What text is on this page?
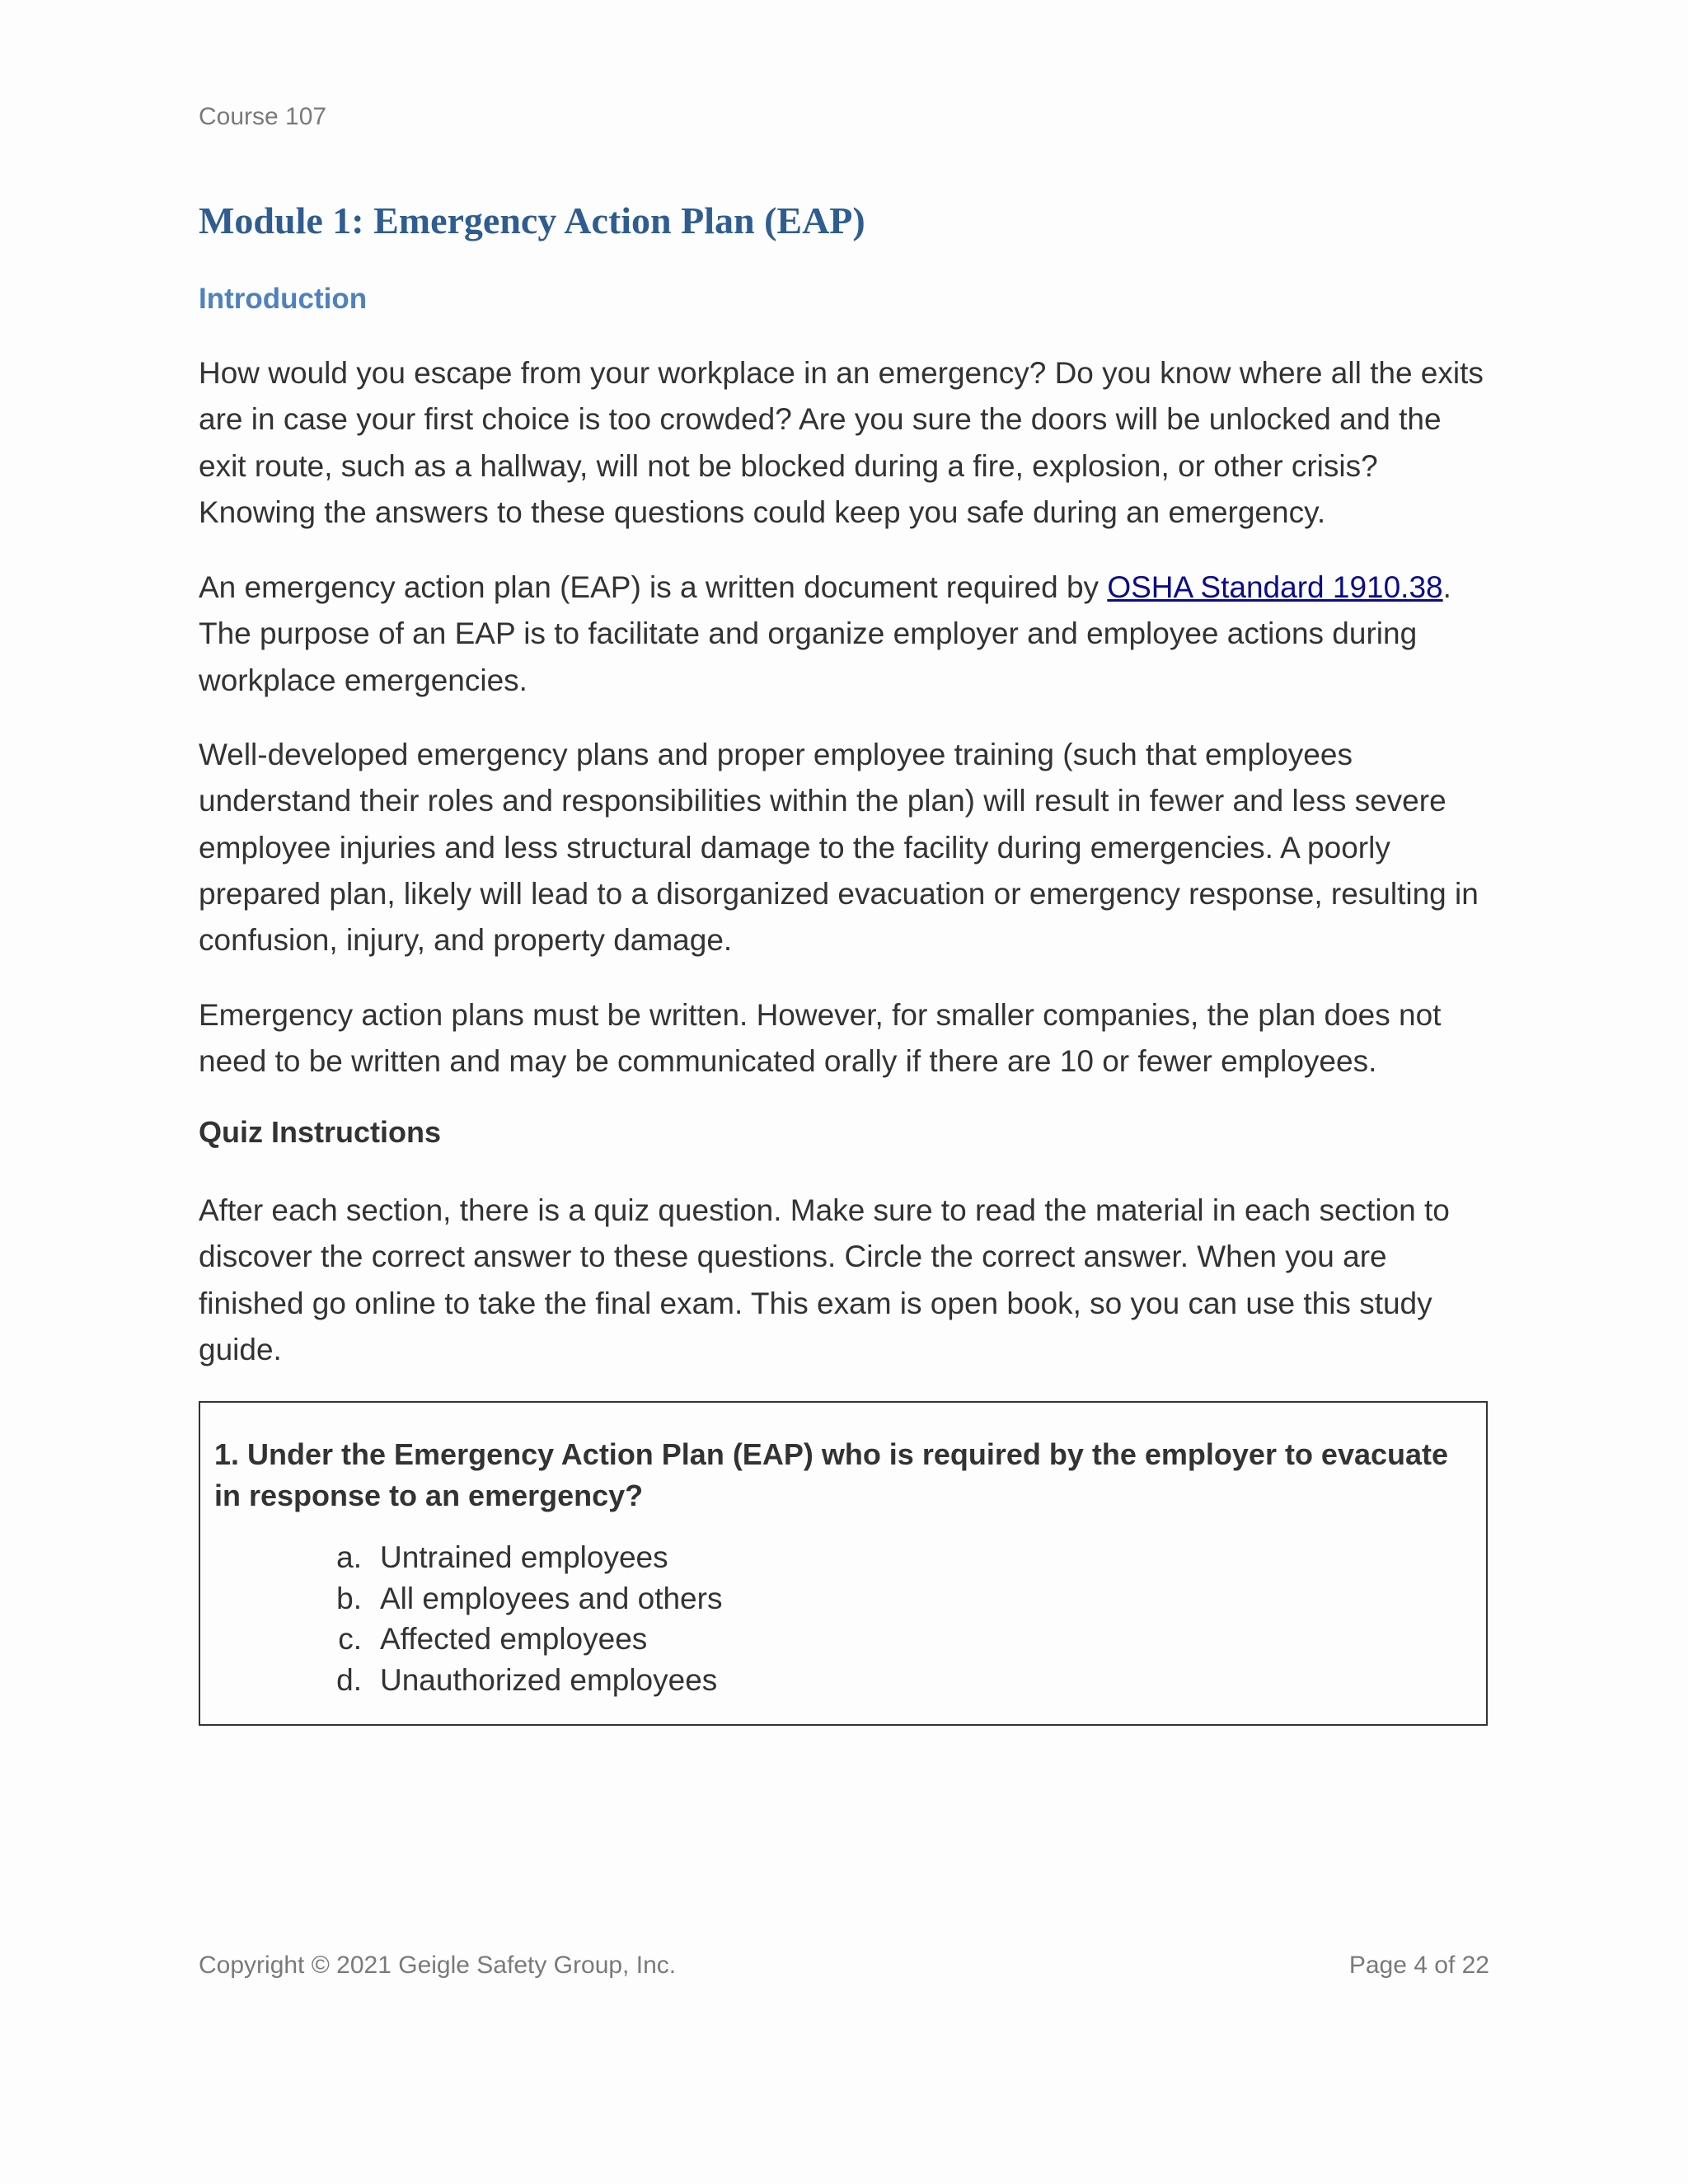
Course 107
Module 1: Emergency Action Plan (EAP)
Introduction

How would you escape from your workplace in an emergency? Do you know where all the exits are in case your first choice is too crowded? Are you sure the doors will be unlocked and the exit route, such as a hallway, will not be blocked during a fire, explosion, or other crisis? Knowing the answers to these questions could keep you safe during an emergency.

An emergency action plan (EAP) is a written document required by OSHA Standard 1910.38. The purpose of an EAP is to facilitate and organize employer and employee actions during workplace emergencies.

Well-developed emergency plans and proper employee training (such that employees understand their roles and responsibilities within the plan) will result in fewer and less severe employee injuries and less structural damage to the facility during emergencies. A poorly prepared plan, likely will lead to a disorganized evacuation or emergency response, resulting in confusion, injury, and property damage.

Emergency action plans must be written. However, for smaller companies, the plan does not need to be written and may be communicated orally if there are 10 or fewer employees.

Quiz Instructions

After each section, there is a quiz question. Make sure to read the material in each section to discover the correct answer to these questions. Circle the correct answer. When you are finished go online to take the final exam. This exam is open book, so you can use this study guide.

1. Under the Emergency Action Plan (EAP) who is required by the employer to evacuate in response to an emergency?

a. Untrained employees
b. All employees and others
c. Affected employees
d. Unauthorized employees
Copyright © 2021 Geigle Safety Group, Inc.	Page 4 of 22
